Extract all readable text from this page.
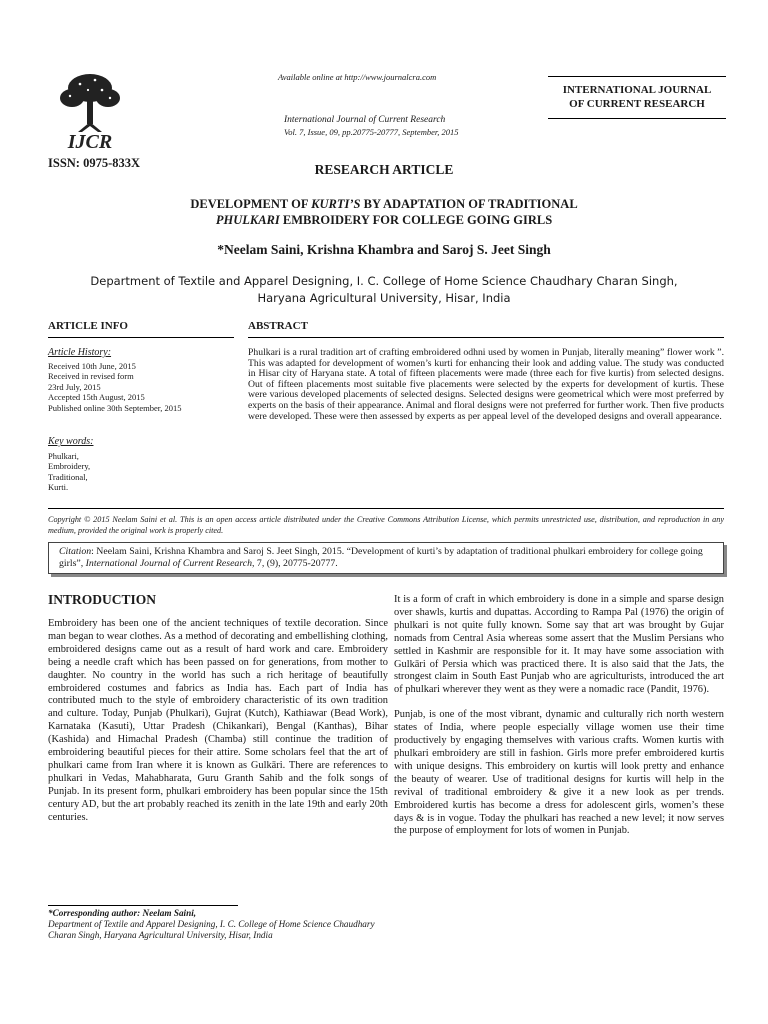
IJCR
ISSN: 0975-833X
Available online at http://www.journalcra.com
International Journal of Current Research
Vol. 7, Issue, 09, pp.20775-20777, September, 2015
INTERNATIONAL JOURNAL
OF CURRENT RESEARCH
RESEARCH ARTICLE
DEVELOPMENT OF KURTI’S BY ADAPTATION OF TRADITIONAL
PHULKARI EMBROIDERY FOR COLLEGE GOING GIRLS
*Neelam Saini, Krishna Khambra and Saroj S. Jeet Singh
Department of Textile and Apparel Designing, I. C. College of Home Science Chaudhary Charan Singh,
Haryana Agricultural University, Hisar, India
ARTICLE INFO	ABSTRACT
Article History:
Received 10th June, 2015
Received in revised form
23rd July, 2015
Accepted 15th August, 2015
Published online 30th September, 2015
Key words:
Phulkari,
Embroidery,
Traditional,
Kurti.
Phulkari is a rural tradition art of crafting embroidered odhni used by women in Punjab, literally meaning” flower work ”. This was adapted for development of women’s kurti for enhancing their look and adding value. The study was conducted in Hisar city of Haryana state. A total of fifteen placements were made (three each for five kurtis) from selected designs. Out of fifteen placements most suitable five placements were selected by the experts for development of kurtis. These were various developed placements of selected designs. Selected designs were geometrical which were most preferred by experts on the basis of their appearance. Animal and floral designs were not preferred for further work. Then five products were developed. These were then assessed by experts as per appeal level of the developed designs and overall appearance.
Copyright © 2015 Neelam Saini et al. This is an open access article distributed under the Creative Commons Attribution License, which permits unrestricted use, distribution, and reproduction in any medium, provided the original work is properly cited.
Citation: Neelam Saini, Krishna Khambra and Saroj S. Jeet Singh, 2015. “Development of kurti’s by adaptation of traditional phulkari embroidery for college going girls”, International Journal of Current Research, 7, (9), 20775-20777.
INTRODUCTION
Embroidery has been one of the ancient techniques of textile decoration. Since man began to wear clothes. As a method of decorating and embellishing clothing, embroidered designs came out as a result of hard work and care. Embroidery being a needle craft which has been passed on for generations, from mother to daughter. No country in the world has such a rich heritage of beautifully embroidered costumes and fabrics as India has. Each part of India has contributed much to the style of embroidery characteristic of its own tradition and culture. Today, Punjab (Phulkari), Gujrat (Kutch), Kathiawar (Bead Work), Karnataka (Kasuti), Uttar Pradesh (Chikankari), Bengal (Kanthas), Bihar (Kashida) and Himachal Pradesh (Chamba) still continue the tradition of embroidering beautiful pieces for their attire. Some scholars feel that the art of phulkari came from Iran where it is known as Gulkāri. There are references to phulkari in Vedas, Mahabharata, Guru Granth Sahib and the folk songs of Punjab. In its present form, phulkari embroidery has been popular since the 15th century AD, but the art probably reached its zenith in the late 19th and early 20th centuries.

It is a form of craft in which embroidery is done in a simple and sparse design over shawls, kurtis and dupattas. According to Rampa Pal (1976) the origin of phulkari is not quite fully known. Some say that art was brought by Gujar nomads from Central Asia whereas some assert that the Muslim Persians who settled in Kashmir are responsible for it. It may have some association with Gulkāri of Persia which was practiced there. It is also said that the Jats, the strongest claim in South East Punjab who are agriculturists, introduced the art of phulkari wherever they went as they were a nomadic race (Pandit, 1976).

Punjab, is one of the most vibrant, dynamic and culturally rich north western states of India, where people especially village women use their time productively by engaging themselves with various crafts. Women kurtis with phulkari embroidery are still in fashion. Girls more prefer embroidered kurtis with unique designs. This embroidery on kurtis will look pretty and enhance the beauty of wearer. Use of traditional designs for kurtis will help in the revival of traditional embroidery & give it a new look as per trends. Embroidered kurtis has become a dress for adolescent girls, women’s these days & is in vogue. Today the phulkari has reached a new level; it now serves the purpose of employment for lots of women in Punjab.

*Corresponding author: Neelam Saini,
Department of Textile and Apparel Designing, I. C. College of Home Science Chaudhary Charan Singh, Haryana Agricultural University, Hisar, India
